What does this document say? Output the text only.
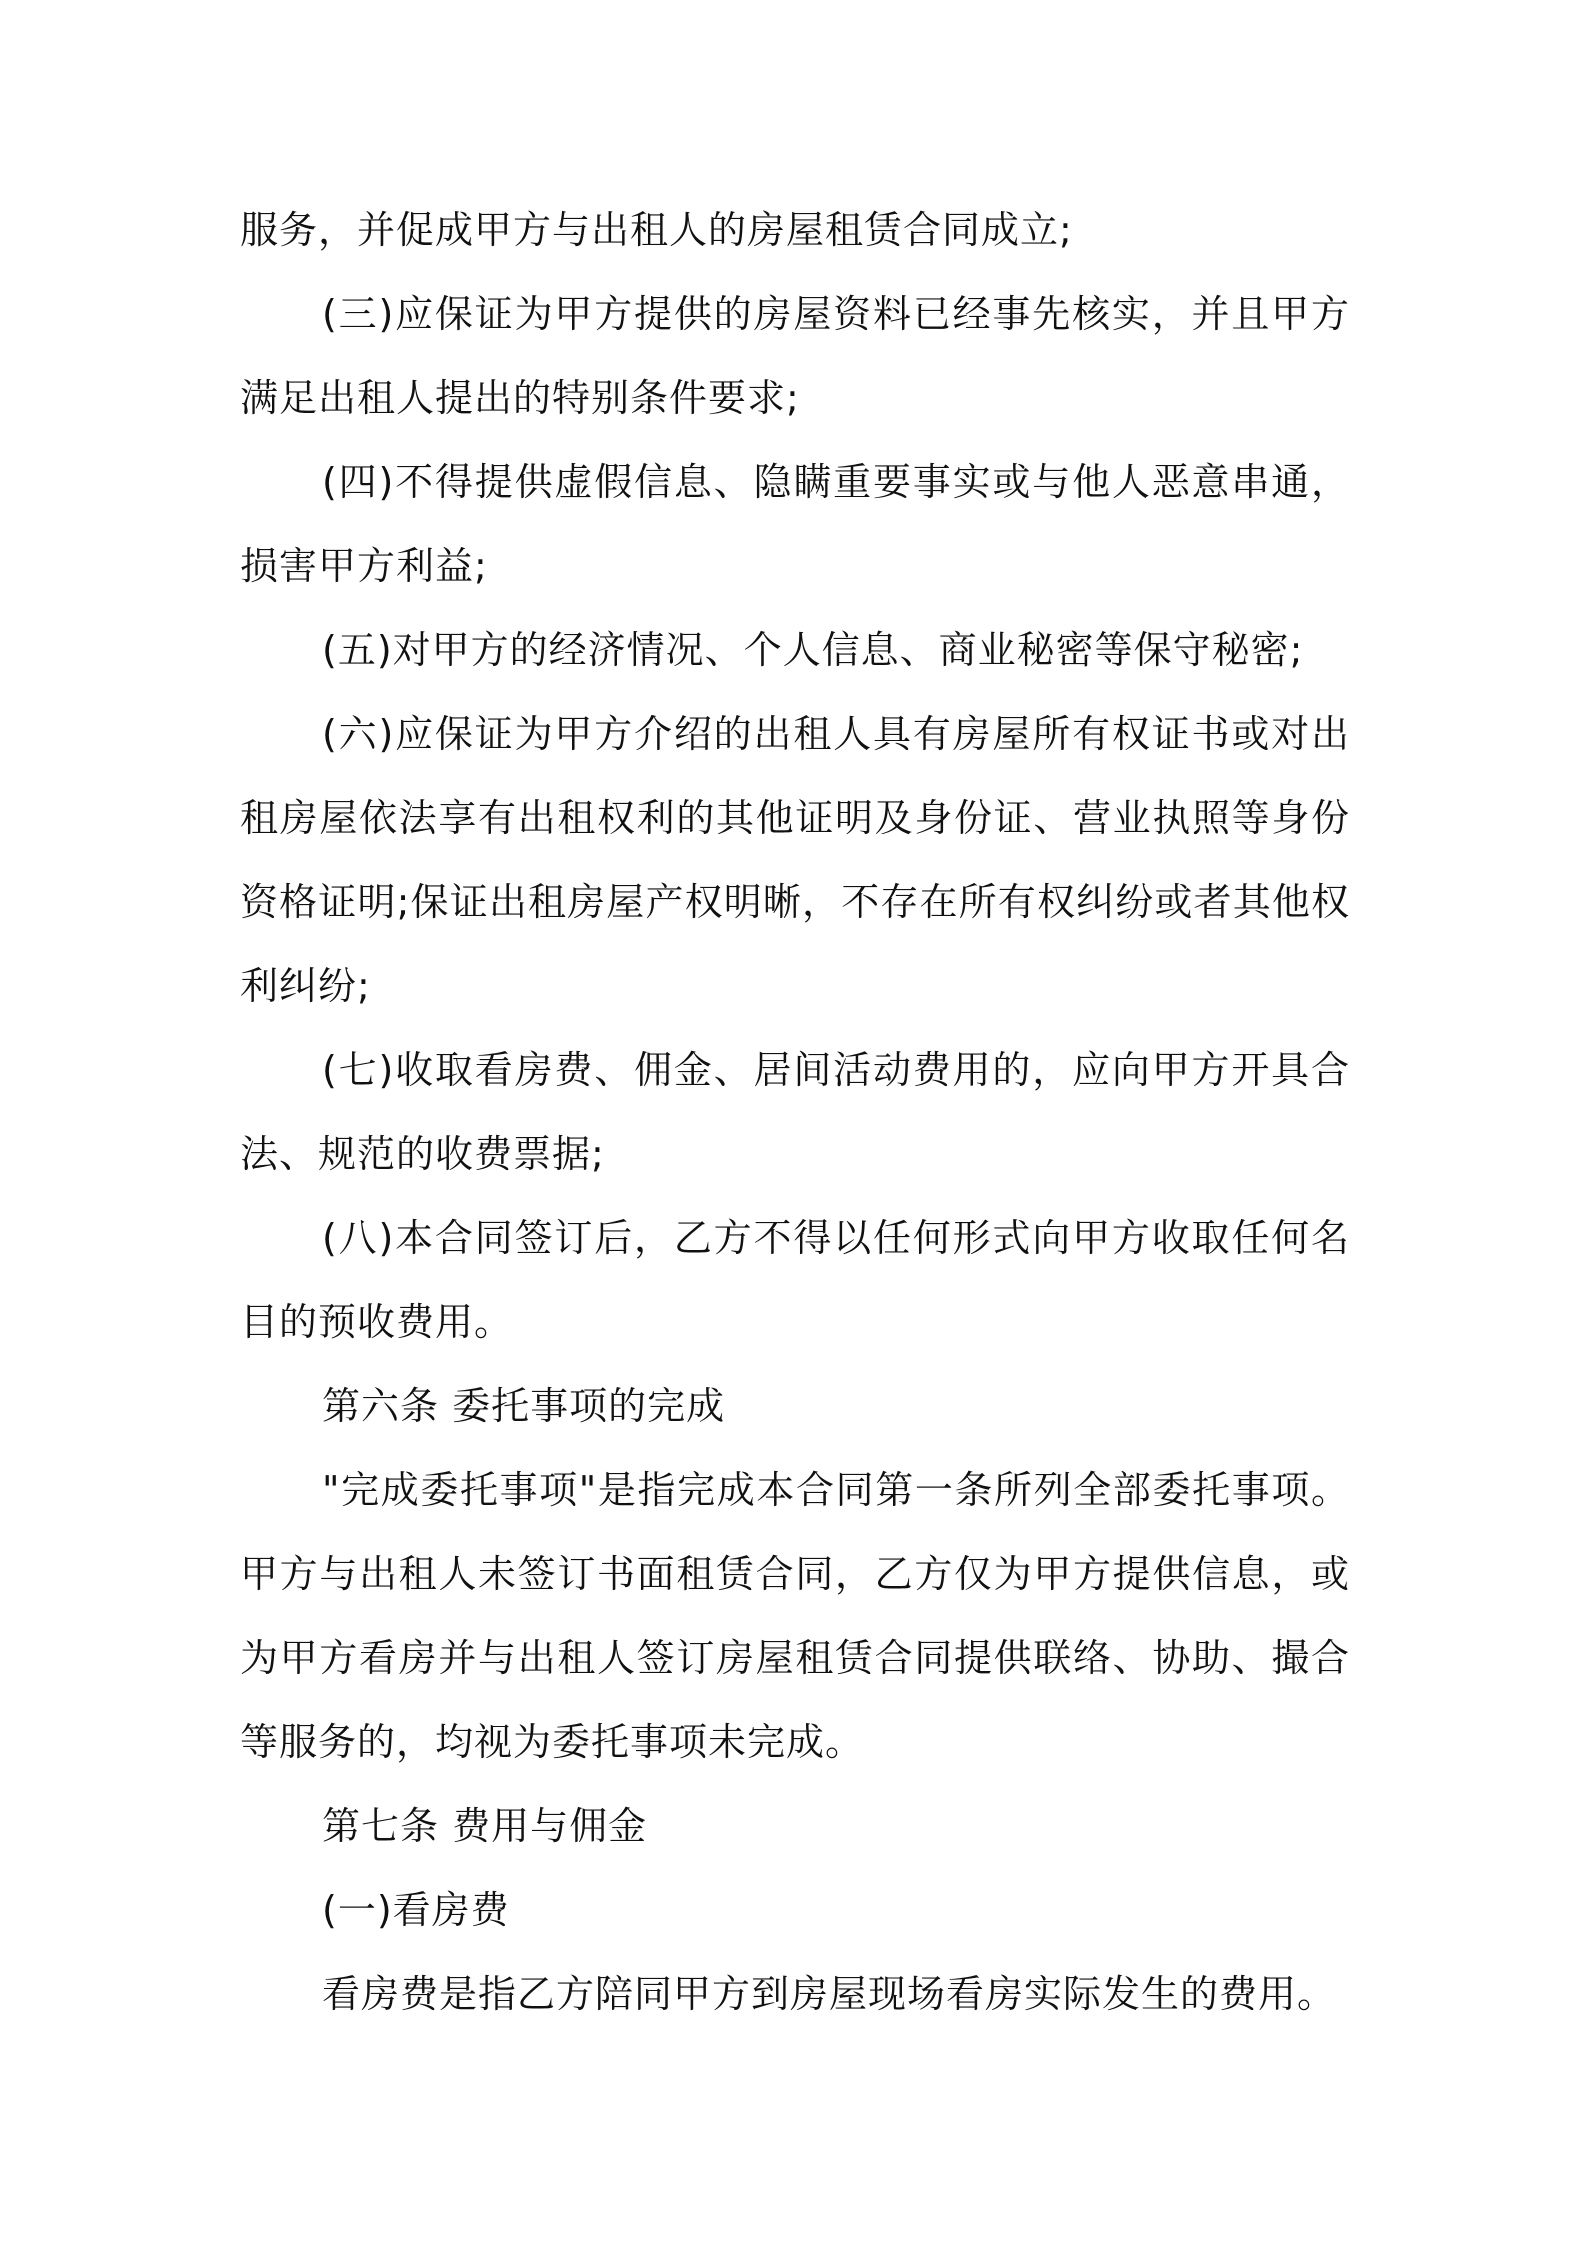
服务，并促成甲方与出租人的房屋租赁合同成立;

(三)应保证为甲方提供的房屋资料已经事先核实，并且甲方满足出租人提出的特别条件要求;

(四)不得提供虚假信息、隐瞒重要事实或与他人恶意串通，损害甲方利益;

(五)对甲方的经济情况、个人信息、商业秘密等保守秘密;

(六)应保证为甲方介绍的出租人具有房屋所有权证书或对出租房屋依法享有出租权利的其他证明及身份证、营业执照等身份资格证明;保证出租房屋产权明晰，不存在所有权纠纷或者其他权利纠纷;

(七)收取看房费、佣金、居间活动费用的，应向甲方开具合法、规范的收费票据;

(八)本合同签订后，乙方不得以任何形式向甲方收取任何名目的预收费用。

第六条 委托事项的完成

"完成委托事项"是指完成本合同第一条所列全部委托事项。甲方与出租人未签订书面租赁合同，乙方仅为甲方提供信息，或为甲方看房并与出租人签订房屋租赁合同提供联络、协助、撮合等服务的，均视为委托事项未完成。

第七条 费用与佣金

(一)看房费

看房费是指乙方陪同甲方到房屋现场看房实际发生的费用。
